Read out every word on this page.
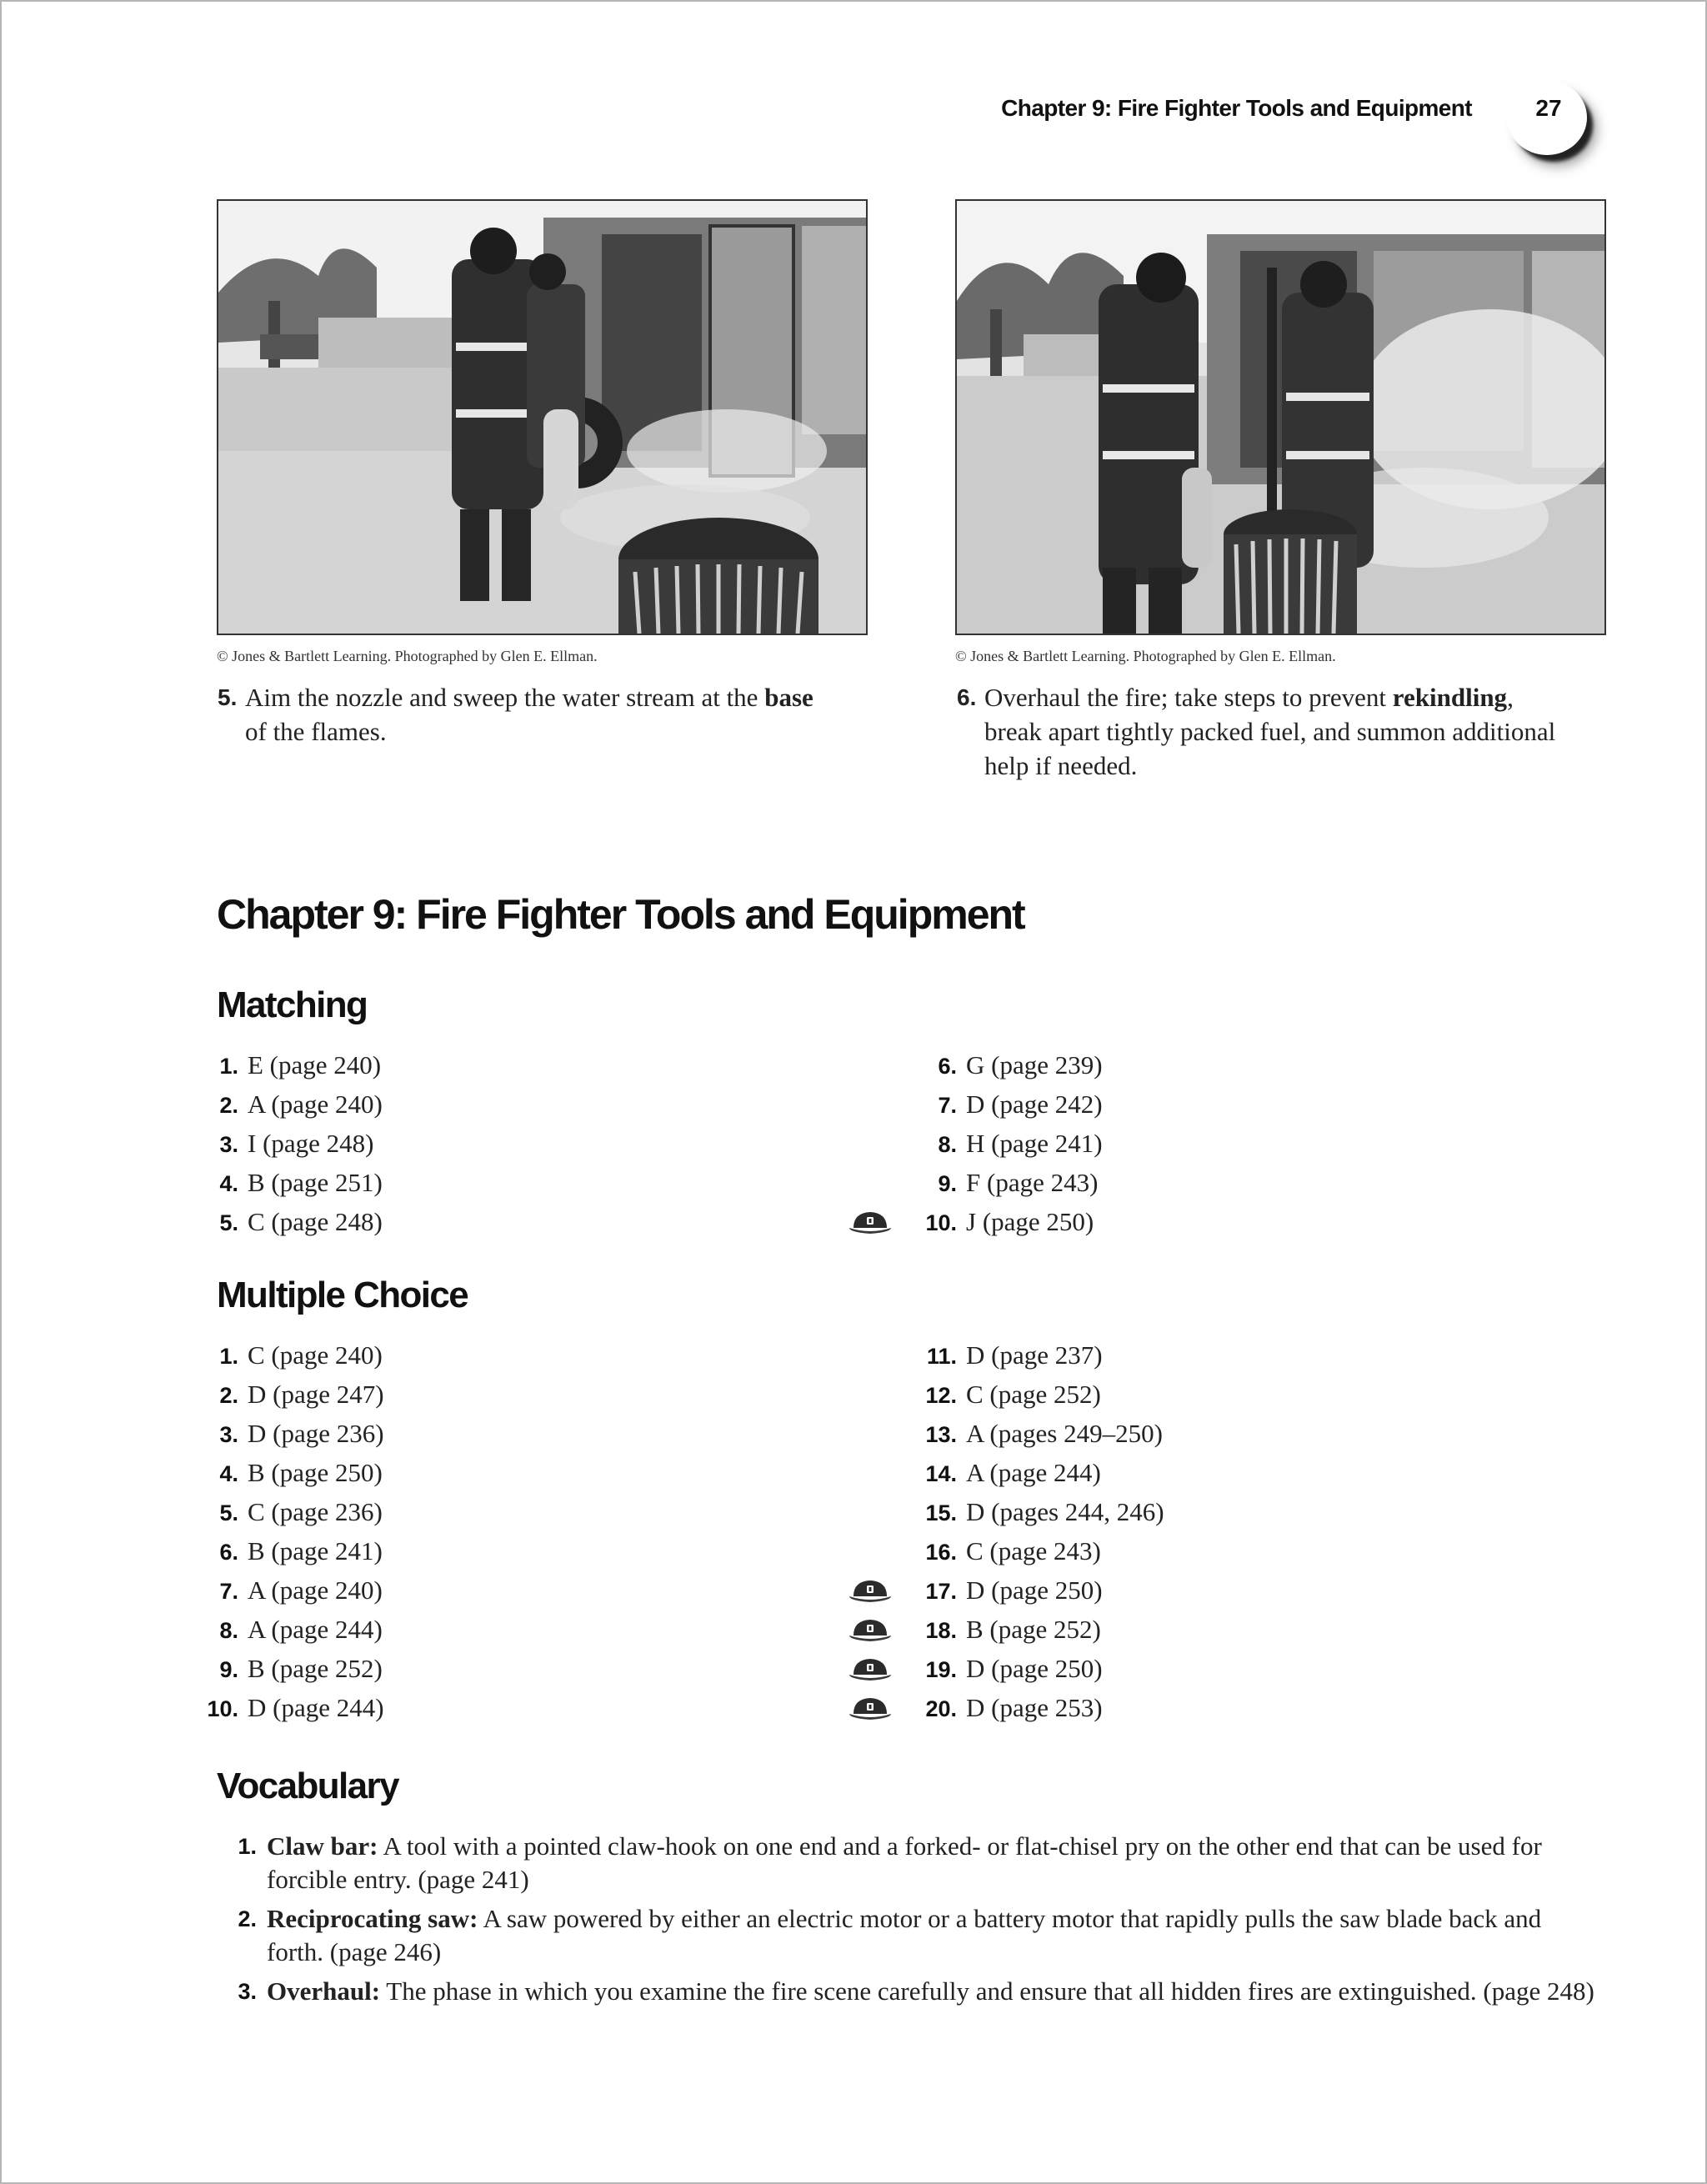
Chapter 9: Fire Fighter Tools and Equipment	27
© Jones & Bartlett Learning. Photographed by Glen E. Ellman.
5. Aim the nozzle and sweep the water stream at the base of the flames.
© Jones & Bartlett Learning. Photographed by Glen E. Ellman.
6. Overhaul the fire; take steps to prevent rekindling, break apart tightly packed fuel, and summon additional help if needed.
Chapter 9: Fire Fighter Tools and Equipment
Matching
1. E (page 240)
2. A (page 240)
3. I (page 248)
4. B (page 251)
5. C (page 248)
6. G (page 239)
7. D (page 242)
8. H (page 241)
9. F (page 243)
10. J (page 250)
Multiple Choice
1. C (page 240)
2. D (page 247)
3. D (page 236)
4. B (page 250)
5. C (page 236)
6. B (page 241)
7. A (page 240)
8. A (page 244)
9. B (page 252)
10. D (page 244)
11. D (page 237)
12. C (page 252)
13. A (pages 249–250)
14. A (page 244)
15. D (pages 244, 246)
16. C (page 243)
17. D (page 250)
18. B (page 252)
19. D (page 250)
20. D (page 253)
Vocabulary
1. Claw bar: A tool with a pointed claw-hook on one end and a forked- or flat-chisel pry on the other end that can be used for forcible entry. (page 241)
2. Reciprocating saw: A saw powered by either an electric motor or a battery motor that rapidly pulls the saw blade back and forth. (page 246)
3. Overhaul: The phase in which you examine the fire scene carefully and ensure that all hidden fires are extinguished. (page 248)
